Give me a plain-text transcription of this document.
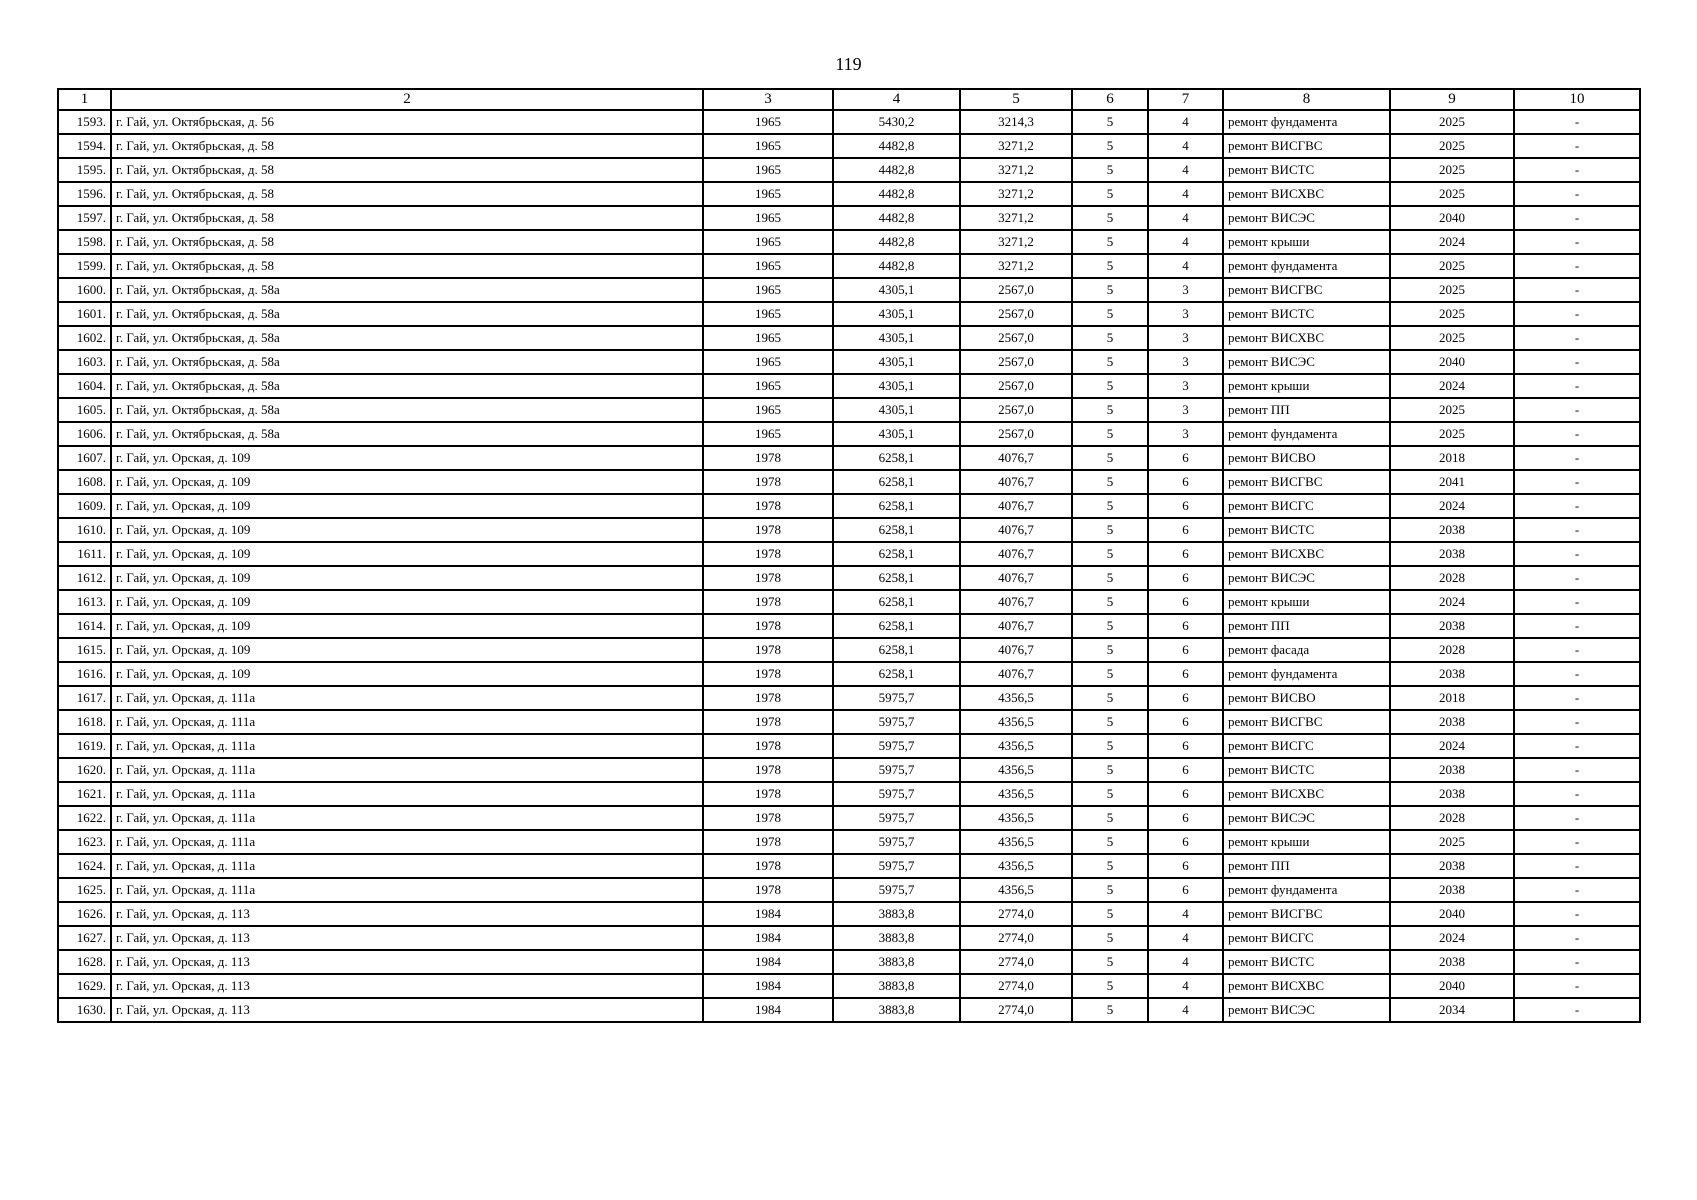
119
1	2	3	4	5	6	7	8	9	10
1593.	г. Гай, ул. Октябрьская, д. 56	1965	5430,2	3214,3	5	4	ремонт фундамента	2025	-
1594.	г. Гай, ул. Октябрьская, д. 58	1965	4482,8	3271,2	5	4	ремонт ВИСГВС	2025	-
1595.	г. Гай, ул. Октябрьская, д. 58	1965	4482,8	3271,2	5	4	ремонт ВИСТС	2025	-
1596.	г. Гай, ул. Октябрьская, д. 58	1965	4482,8	3271,2	5	4	ремонт ВИСХВС	2025	-
1597.	г. Гай, ул. Октябрьская, д. 58	1965	4482,8	3271,2	5	4	ремонт ВИСЭС	2040	-
1598.	г. Гай, ул. Октябрьская, д. 58	1965	4482,8	3271,2	5	4	ремонт крыши	2024	-
1599.	г. Гай, ул. Октябрьская, д. 58	1965	4482,8	3271,2	5	4	ремонт фундамента	2025	-
1600.	г. Гай, ул. Октябрьская, д. 58а	1965	4305,1	2567,0	5	3	ремонт ВИСГВС	2025	-
1601.	г. Гай, ул. Октябрьская, д. 58а	1965	4305,1	2567,0	5	3	ремонт ВИСТС	2025	-
1602.	г. Гай, ул. Октябрьская, д. 58а	1965	4305,1	2567,0	5	3	ремонт ВИСХВС	2025	-
1603.	г. Гай, ул. Октябрьская, д. 58а	1965	4305,1	2567,0	5	3	ремонт ВИСЭС	2040	-
1604.	г. Гай, ул. Октябрьская, д. 58а	1965	4305,1	2567,0	5	3	ремонт крыши	2024	-
1605.	г. Гай, ул. Октябрьская, д. 58а	1965	4305,1	2567,0	5	3	ремонт ПП	2025	-
1606.	г. Гай, ул. Октябрьская, д. 58а	1965	4305,1	2567,0	5	3	ремонт фундамента	2025	-
1607.	г. Гай, ул. Орская, д. 109	1978	6258,1	4076,7	5	6	ремонт ВИСВО	2018	-
1608.	г. Гай, ул. Орская, д. 109	1978	6258,1	4076,7	5	6	ремонт ВИСГВС	2041	-
1609.	г. Гай, ул. Орская, д. 109	1978	6258,1	4076,7	5	6	ремонт ВИСГС	2024	-
1610.	г. Гай, ул. Орская, д. 109	1978	6258,1	4076,7	5	6	ремонт ВИСТС	2038	-
1611.	г. Гай, ул. Орская, д. 109	1978	6258,1	4076,7	5	6	ремонт ВИСХВС	2038	-
1612.	г. Гай, ул. Орская, д. 109	1978	6258,1	4076,7	5	6	ремонт ВИСЭС	2028	-
1613.	г. Гай, ул. Орская, д. 109	1978	6258,1	4076,7	5	6	ремонт крыши	2024	-
1614.	г. Гай, ул. Орская, д. 109	1978	6258,1	4076,7	5	6	ремонт ПП	2038	-
1615.	г. Гай, ул. Орская, д. 109	1978	6258,1	4076,7	5	6	ремонт фасада	2028	-
1616.	г. Гай, ул. Орская, д. 109	1978	6258,1	4076,7	5	6	ремонт фундамента	2038	-
1617.	г. Гай, ул. Орская, д. 111а	1978	5975,7	4356,5	5	6	ремонт ВИСВО	2018	-
1618.	г. Гай, ул. Орская, д. 111а	1978	5975,7	4356,5	5	6	ремонт ВИСГВС	2038	-
1619.	г. Гай, ул. Орская, д. 111а	1978	5975,7	4356,5	5	6	ремонт ВИСГС	2024	-
1620.	г. Гай, ул. Орская, д. 111а	1978	5975,7	4356,5	5	6	ремонт ВИСТС	2038	-
1621.	г. Гай, ул. Орская, д. 111а	1978	5975,7	4356,5	5	6	ремонт ВИСХВС	2038	-
1622.	г. Гай, ул. Орская, д. 111а	1978	5975,7	4356,5	5	6	ремонт ВИСЭС	2028	-
1623.	г. Гай, ул. Орская, д. 111а	1978	5975,7	4356,5	5	6	ремонт крыши	2025	-
1624.	г. Гай, ул. Орская, д. 111а	1978	5975,7	4356,5	5	6	ремонт ПП	2038	-
1625.	г. Гай, ул. Орская, д. 111а	1978	5975,7	4356,5	5	6	ремонт фундамента	2038	-
1626.	г. Гай, ул. Орская, д. 113	1984	3883,8	2774,0	5	4	ремонт ВИСГВС	2040	-
1627.	г. Гай, ул. Орская, д. 113	1984	3883,8	2774,0	5	4	ремонт ВИСГС	2024	-
1628.	г. Гай, ул. Орская, д. 113	1984	3883,8	2774,0	5	4	ремонт ВИСТС	2038	-
1629.	г. Гай, ул. Орская, д. 113	1984	3883,8	2774,0	5	4	ремонт ВИСХВС	2040	-
1630.	г. Гай, ул. Орская, д. 113	1984	3883,8	2774,0	5	4	ремонт ВИСЭС	2034	-
